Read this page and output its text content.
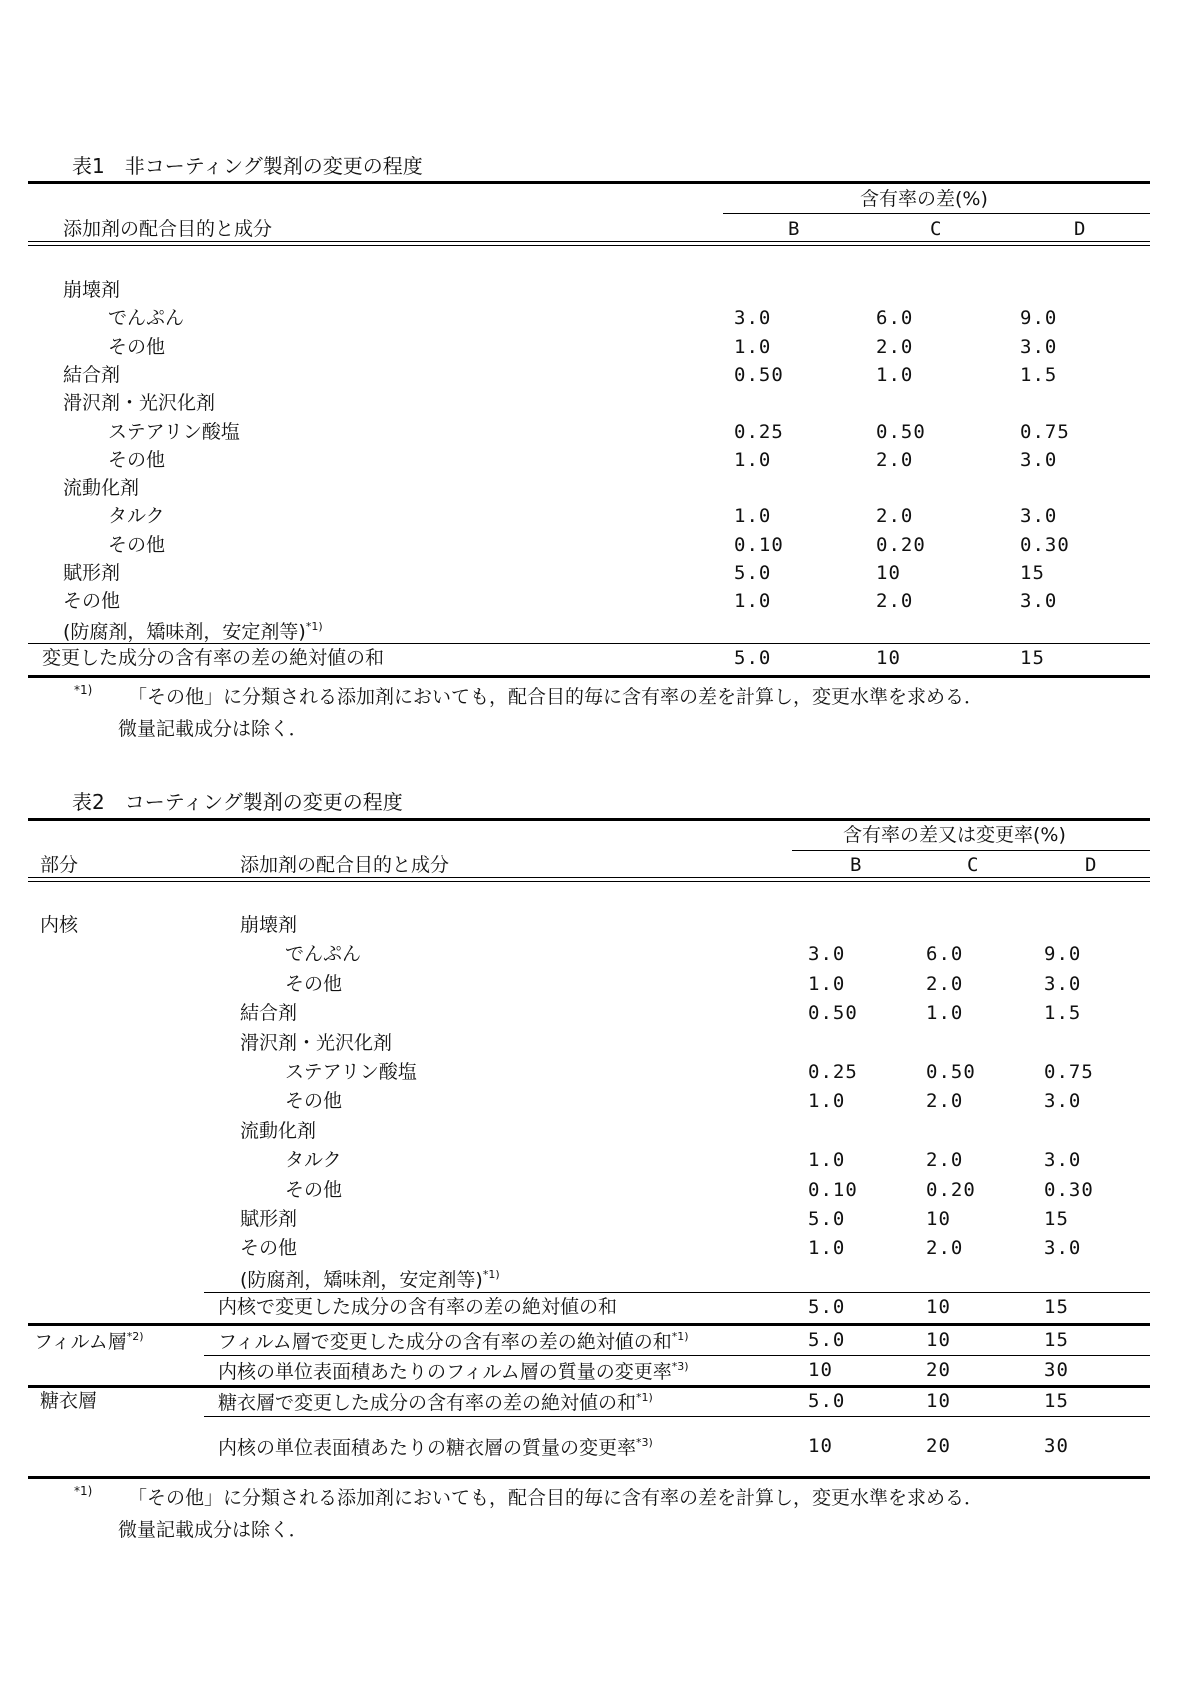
表1　非コーティング製剤の変更の程度
含有率の差(%)
添加剤の配合目的と成分	B	C	D
崩壊剤
でんぷん	3.0	6.0	9.0
その他	1.0	2.0	3.0
結合剤	0.50	1.0	1.5
滑沢剤・光沢化剤
ステアリン酸塩	0.25	0.50	0.75
その他	1.0	2.0	3.0
流動化剤
タルク	1.0	2.0	3.0
その他	0.10	0.20	0.30
賦形剤	5.0	10	15
その他	1.0	2.0	3.0
(防腐剤，矯味剤，安定剤等)$^{*1)}$
変更した成分の含有率の差の絶対値の和	5.0	10	15
*1) 「その他」に分類される添加剤においても，配合目的毎に含有率の差を計算し，変更水準を求める．
微量記載成分は除く．
表2　コーティング製剤の変更の程度
含有率の差又は変更率(%)
部分	添加剤の配合目的と成分	B	C	D
内核	崩壊剤
でんぷん	3.0	6.0	9.0
その他	1.0	2.0	3.0
結合剤	0.50	1.0	1.5
滑沢剤・光沢化剤
ステアリン酸塩	0.25	0.50	0.75
その他	1.0	2.0	3.0
流動化剤
タルク	1.0	2.0	3.0
その他	0.10	0.20	0.30
賦形剤	5.0	10	15
その他	1.0	2.0	3.0
(防腐剤，矯味剤，安定剤等)$^{*1)}$
内核で変更した成分の含有率の差の絶対値の和	5.0	10	15
フィルム層$^{*2)}$	フィルム層で変更した成分の含有率の差の絶対値の和$^{*1)}$	5.0	10	15
内核の単位表面積あたりのフィルム層の質量の変更率$^{*3)}$	10	20	30
糖衣層	糖衣層で変更した成分の含有率の差の絶対値の和$^{*1)}$	5.0	10	15
内核の単位表面積あたりの糖衣層の質量の変更率$^{*3)}$	10	20	30
*1) 「その他」に分類される添加剤においても，配合目的毎に含有率の差を計算し，変更水準を求める．
微量記載成分は除く．
